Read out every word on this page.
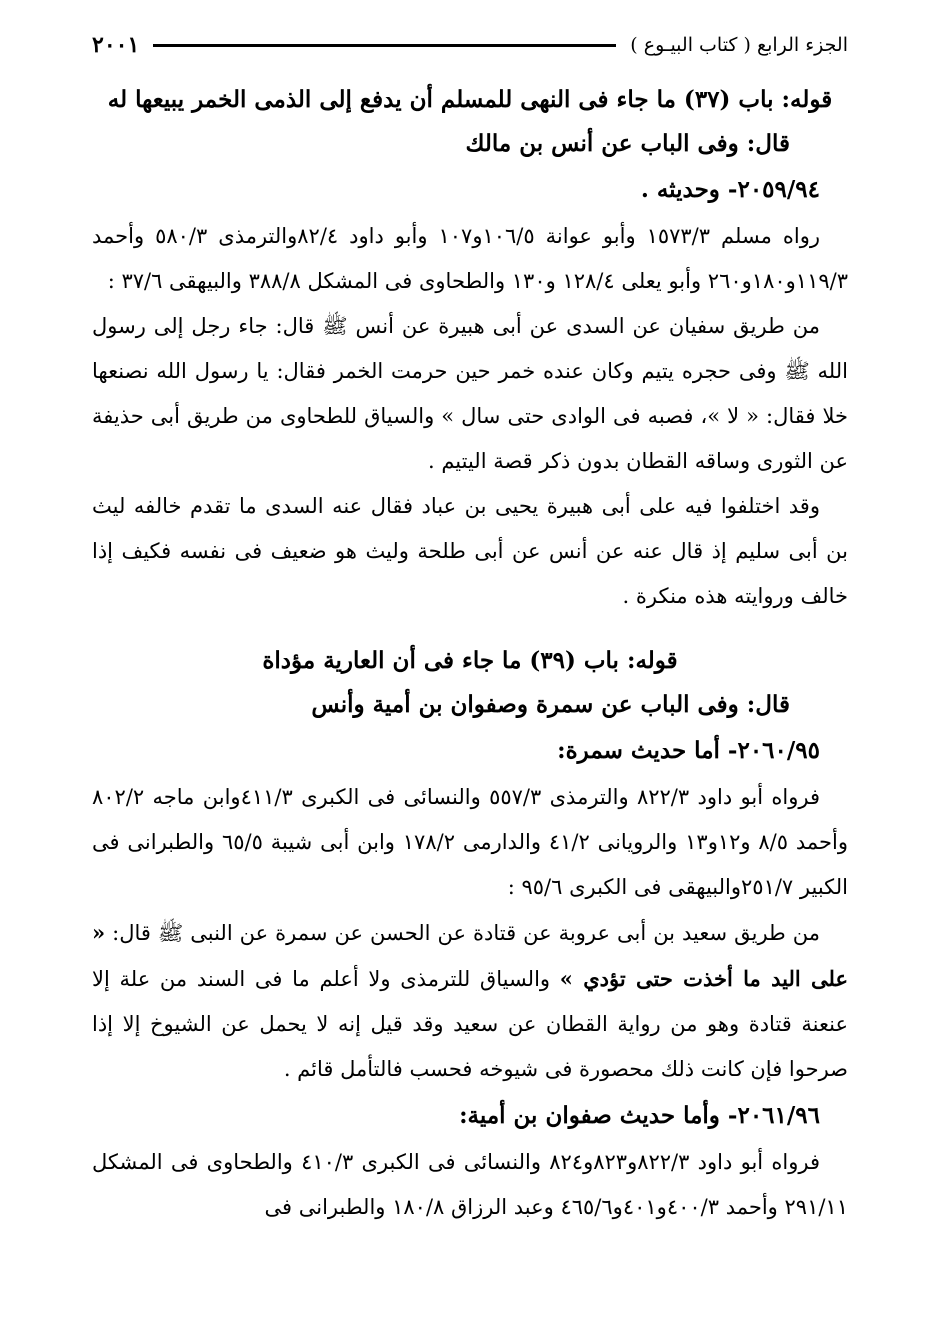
الجزء الرابع ( كتاب البيـوع )
٢٠٠١

قوله: باب (٣٧) ما جاء فى النهى للمسلم أن يدفع إلى الذمى الخمر يبيعها له

قال: وفى الباب عن أنس بن مالك

٢٠٥٩/٩٤- وحديثه .

رواه مسلم ١٥٧٣/٣ وأبو عوانة ١٠٦/٥و١٠٧ وأبو داود ٨٢/٤والترمذى ٥٨٠/٣ وأحمد ١١٩/٣و١٨٠و٢٦٠ وأبو يعلى ١٢٨/٤ و١٣٠ والطحاوى فى المشكل ٣٨٨/٨ والبيهقى ٣٧/٦ :

من طريق سفيان عن السدى عن أبى هبيرة عن أنس ﷺ قال: جاء رجل إلى رسول الله ﷺ وفى حجره يتيم وكان عنده خمر حين حرمت الخمر فقال: يا رسول الله نصنعها خلا فقال: « لا »، فصبه فى الوادى حتى سال » والسياق للطحاوى من طريق أبى حذيفة عن الثورى وساقه القطان بدون ذكر قصة اليتيم .

وقد اختلفوا فيه على أبى هبيرة يحيى بن عباد فقال عنه السدى ما تقدم خالفه ليث بن أبى سليم إذ قال عنه عن أنس عن أبى طلحة وليث هو ضعيف فى نفسه فكيف إذا خالف وروايته هذه منكرة .

قوله: باب (٣٩) ما جاء فى أن العارية مؤداة

قال: وفى الباب عن سمرة وصفوان بن أمية وأنس

٢٠٦٠/٩٥- أما حديث سمرة:

فرواه أبو داود ٨٢٢/٣ والترمذى ٥٥٧/٣ والنسائى فى الكبرى ٤١١/٣وابن ماجه ٨٠٢/٢ وأحمد ٨/٥ و١٢و١٣ والرويانى ٤١/٢ والدارمى ١٧٨/٢ وابن أبى شيبة ٦٥/٥ والطبرانى فى الكبير ٢٥١/٧والبيهقى فى الكبرى ٩٥/٦ :

من طريق سعيد بن أبى عروبة عن قتادة عن الحسن عن سمرة عن النبى ﷺ قال: « على اليد ما أخذت حتى تؤدي » والسياق للترمذى ولا أعلم ما فى السند من علة إلا عنعنة قتادة وهو من رواية القطان عن سعيد وقد قيل إنه لا يحمل عن الشيوخ إلا إذا صرحوا فإن كانت ذلك محصورة فى شيوخه فحسب فالتأمل قائم .

٢٠٦١/٩٦- وأما حديث صفوان بن أمية:

فرواه أبو داود ٨٢٢/٣و٨٢٣و٨٢٤ والنسائى فى الكبرى ٤١٠/٣ والطحاوى فى المشكل ٢٩١/١١ وأحمد ٤٠٠/٣و٤٠١و٤٦٥/٦ وعبد الرزاق ١٨٠/٨ والطبرانى فى
